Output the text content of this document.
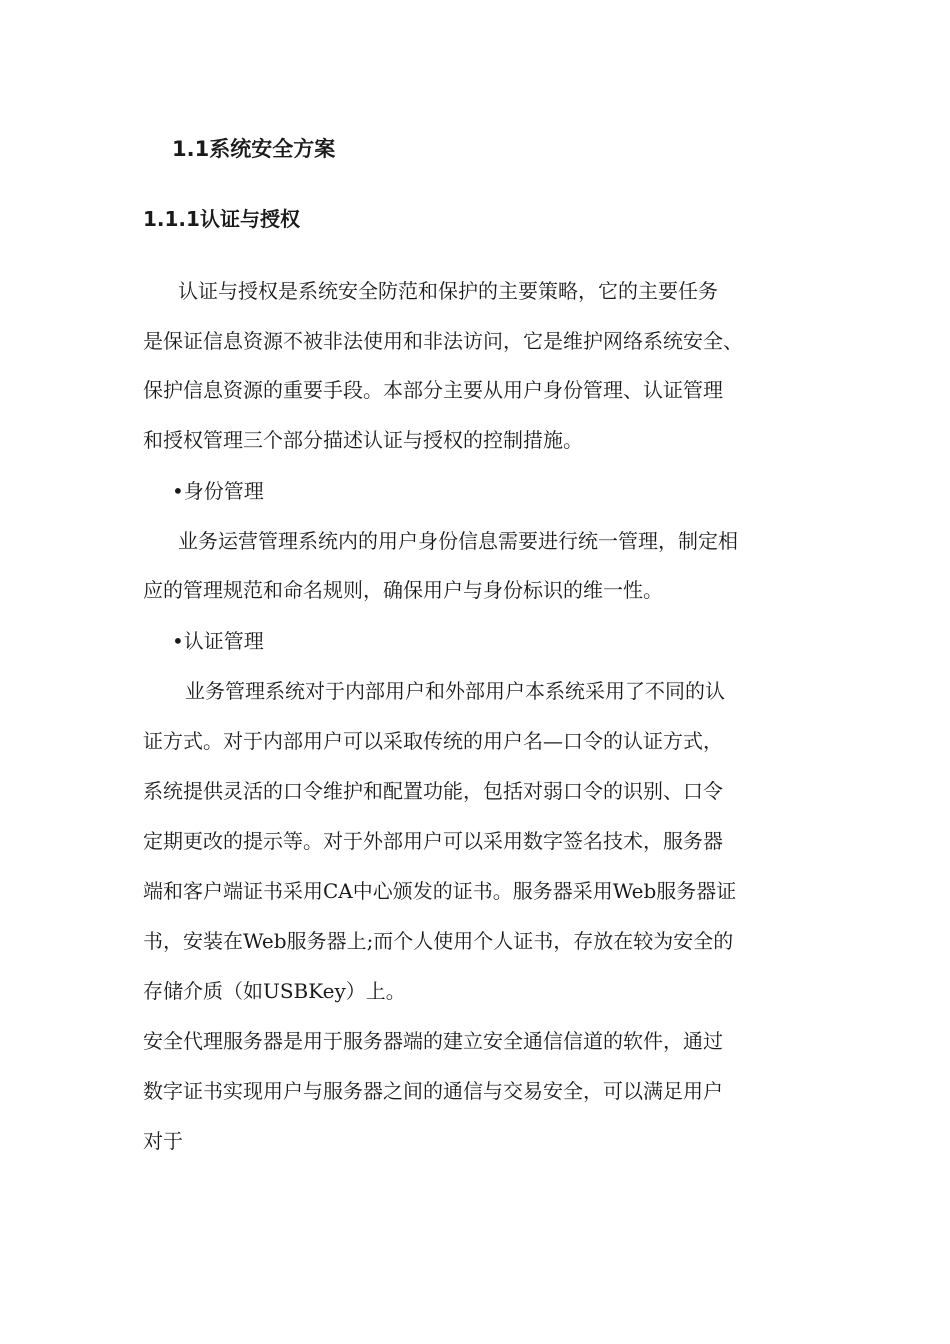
1.1系统安全方案
1.1.1认证与授权

认证与授权是系统安全防范和保护的主要策略，它的主要任务

是保证信息资源不被非法使用和非法访问，它是维护网络系统安全、

保护信息资源的重要手段。本部分主要从用户身份管理、认证管理

和授权管理三个部分描述认证与授权的控制措施。

•身份管理

业务运营管理系统内的用户身份信息需要进行统一管理，制定相

应的管理规范和命名规则，确保用户与身份标识的维一性。

•认证管理

业务管理系统对于内部用户和外部用户本系统采用了不同的认

证方式。对于内部用户可以采取传统的用户名—口令的认证方式，

系统提供灵活的口令维护和配置功能，包括对弱口令的识别、口令

定期更改的提示等。对于外部用户可以采用数字签名技术，服务器

端和客户端证书采用CA中心颁发的证书。服务器采用Web服务器证

书，安装在Web服务器上;而个人使用个人证书，存放在较为安全的

存储介质（如USBKey）上。

安全代理服务器是用于服务器端的建立安全通信信道的软件，通过

数字证书实现用户与服务器之间的通信与交易安全，可以满足用户

对于
